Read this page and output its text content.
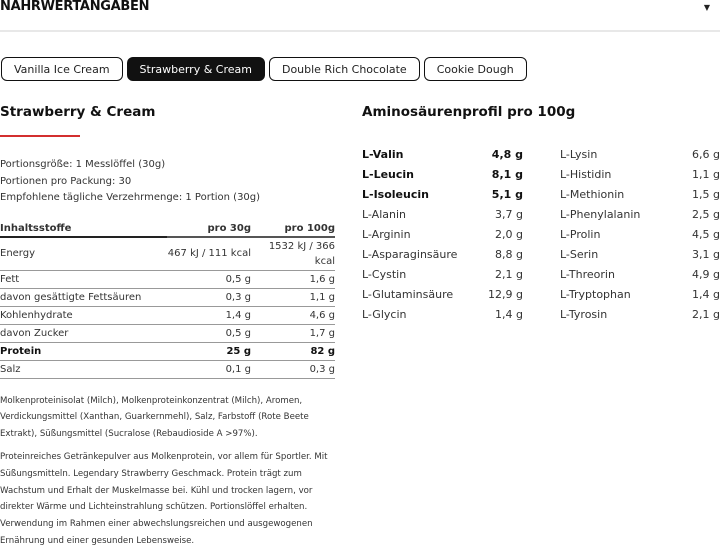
NÄHRWERTANGABEN	▼
Vanilla Ice Cream	Strawberry & Cream	Double Rich Chocolate	Cookie Dough
Strawberry & Cream
Portionsgröße: 1 Messlöffel (30g)
Portionen pro Packung: 30
Empfohlene tägliche Verzehrmenge: 1 Portion (30g)
Inhaltsstoffe	pro 30g	pro 100g
Energy	467 kJ / 111 kcal	1532 kJ / 366 kcal
Fett	0,5 g	1,6 g
davon gesättigte Fettsäuren	0,3 g	1,1 g
Kohlenhydrate	1,4 g	4,6 g
davon Zucker	0,5 g	1,7 g
Protein	25 g	82 g
Salz	0,1 g	0,3 g

Molkenproteinisolat (Milch), Molkenproteinkonzentrat (Milch), Aromen, Verdickungsmittel (Xanthan, Guarkernmehl), Salz, Farbstoff (Rote Beete Extrakt), Süßungsmittel (Sucralose (Rebaudioside A >97%).

Proteinreiches Getränkepulver aus Molkenprotein, vor allem für Sportler. Mit Süßungsmitteln. Legendary Strawberry Geschmack. Protein trägt zum Wachstum und Erhalt der Muskelmasse bei. Kühl und trocken lagern, vor direkter Wärme und Lichteinstrahlung schützen. Portionslöffel erhalten. Verwendung im Rahmen einer abwechslungsreichen und ausgewogenen Ernährung und einer gesunden Lebensweise.

Aminosäurenprofil pro 100g
L-Valin	4,8 g
L-Leucin	8,1 g
L-Isoleucin	5,1 g
L-Alanin	3,7 g
L-Arginin	2,0 g
L-Asparaginsäure	8,8 g
L-Cystin	2,1 g
L-Glutaminsäure	12,9 g
L-Glycin	1,4 g
L-Lysin	6,6 g
L-Histidin	1,1 g
L-Methionin	1,5 g
L-Phenylalanin	2,5 g
L-Prolin	4,5 g
L-Serin	3,1 g
L-Threorin	4,9 g
L-Tryptophan	1,4 g
L-Tyrosin	2,1 g
